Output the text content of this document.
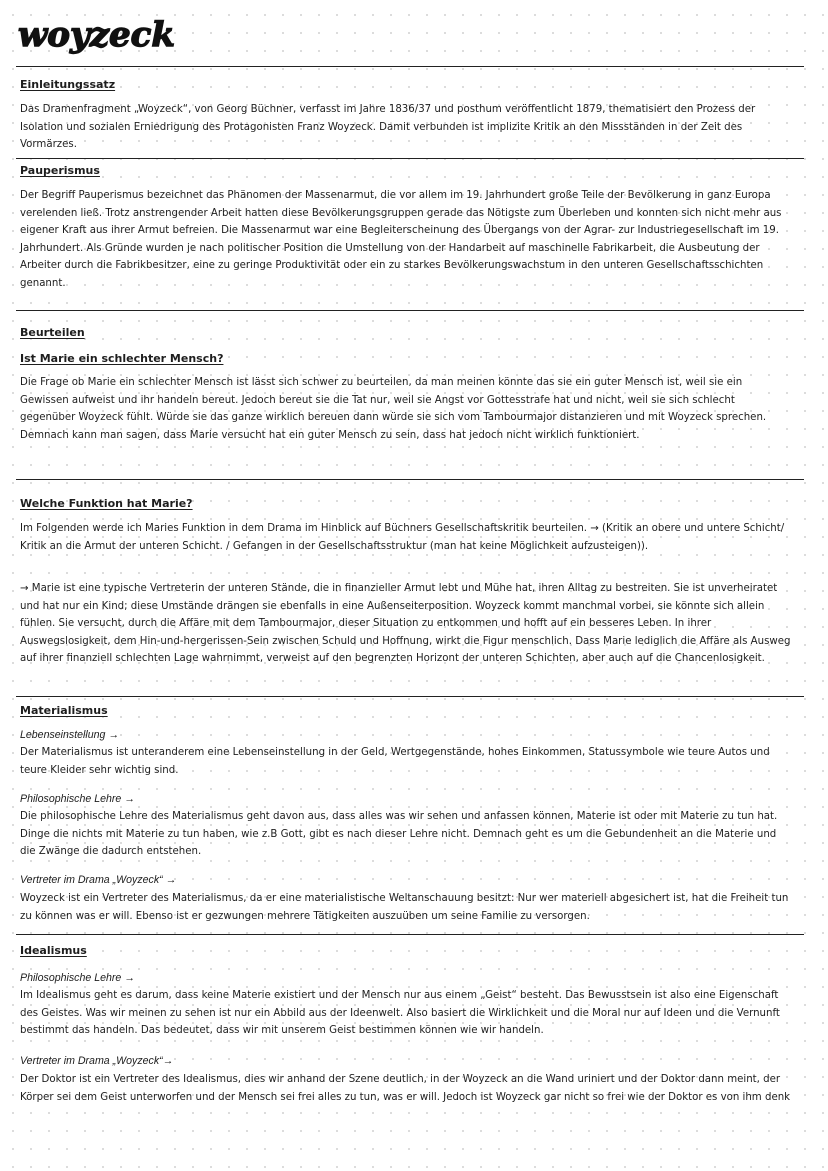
woyzeck
Einleitungssatz
Das Dramenfragment „Woyzeck“, von Georg Büchner, verfasst im Jahre 1836/37 und posthum veröffentlicht 1879, thematisiert den Prozess der Isolation und sozialen Erniedrigung des Protagonisten Franz Woyzeck. Damit verbunden ist implizite Kritik an den Missständen in der Zeit des Vormärzes.
Pauperismus
Der Begriff Pauperismus bezeichnet das Phänomen der Massenarmut, die vor allem im 19. Jahrhundert große Teile der Bevölkerung in ganz Europa verelenden ließ. Trotz anstrengender Arbeit hatten diese Bevölkerungsgruppen gerade das Nötigste zum Überleben und konnten sich nicht mehr aus eigener Kraft aus ihrer Armut befreien. Die Massenarmut war eine Begleiterscheinung des Übergangs von der Agrar- zur Industriegesellschaft im 19. Jahrhundert. Als Gründe wurden je nach politischer Position die Umstellung von der Handarbeit auf maschinelle Fabrikarbeit, die Ausbeutung der Arbeiter durch die Fabrikbesitzer, eine zu geringe Produktivität oder ein zu starkes Bevölkerungswachstum in den unteren Gesellschaftsschichten genannt.
Beurteilen
Ist Marie ein schlechter Mensch?
Die Frage ob Marie ein schlechter Mensch ist lässt sich schwer zu beurteilen, da man meinen könnte das sie ein guter Mensch ist, weil sie ein Gewissen aufweist und ihr handeln bereut. Jedoch bereut sie die Tat nur, weil sie Angst vor Gottesstrafe hat und nicht, weil sie sich schlecht gegenüber Woyzeck fühlt. Würde sie das ganze wirklich bereuen dann würde sie sich vom Tambourmajor distanzieren und mit Woyzeck sprechen. Demnach kann man sagen, dass Marie versucht hat ein guter Mensch zu sein, dass hat jedoch nicht wirklich funktioniert.
Welche Funktion hat Marie?
Im Folgenden werde ich Maries Funktion in dem Drama im Hinblick auf Büchners Gesellschaftskritik beurteilen. → (Kritik an obere und untere Schicht/ Kritik an die Armut der unteren Schicht. / Gefangen in der Gesellschaftsstruktur (man hat keine Möglichkeit aufzusteigen)).
→ Marie ist eine typische Vertreterin der unteren Stände, die in finanzieller Armut lebt und Mühe hat, ihren Alltag zu bestreiten. Sie ist unverheiratet und hat nur ein Kind; diese Umstände drängen sie ebenfalls in eine Außenseiterposition. Woyzeck kommt manchmal vorbei, sie könnte sich allein fühlen. Sie versucht, durch die Affäre mit dem Tambourmajor, dieser Situation zu entkommen und hofft auf ein besseres Leben. In ihrer Auswegslosigkeit, dem Hin-und-hergerissen-Sein zwischen Schuld und Hoffnung, wirkt die Figur menschlich. Dass Marie lediglich die Affäre als Ausweg auf ihrer finanziell schlechten Lage wahrnimmt, verweist auf den begrenzten Horizont der unteren Schichten, aber auch auf die Chancenlosigkeit.
Materialismus
Lebenseinstellung →
Der Materialismus ist unteranderem eine Lebenseinstellung in der Geld, Wertgegenstände, hohes Einkommen, Statussymbole wie teure Autos und teure Kleider sehr wichtig sind.
Philosophische Lehre →
Die philosophische Lehre des Materialismus geht davon aus, dass alles was wir sehen und anfassen können, Materie ist oder mit Materie zu tun hat. Dinge die nichts mit Materie zu tun haben, wie z.B Gott, gibt es nach dieser Lehre nicht. Demnach geht es um die Gebundenheit an die Materie und die Zwänge die dadurch entstehen.
Vertreter im Drama „Woyzeck“ →
Woyzeck ist ein Vertreter des Materialismus, da er eine materialistische Weltanschauung besitzt: Nur wer materiell abgesichert ist, hat die Freiheit tun zu können was er will. Ebenso ist er gezwungen mehrere Tätigkeiten auszuüben um seine Familie zu versorgen.
Idealismus
Philosophische Lehre →
Im Idealismus geht es darum, dass keine Materie existiert und der Mensch nur aus einem „Geist“ besteht. Das Bewusstsein ist also eine Eigenschaft des Geistes. Was wir meinen zu sehen ist nur ein Abbild aus der Ideenwelt. Also basiert die Wirklichkeit und die Moral nur auf Ideen und die Vernunft bestimmt das handeln. Das bedeutet, dass wir mit unserem Geist bestimmen können wie wir handeln.
Vertreter im Drama „Woyzeck“→
Der Doktor ist ein Vertreter des Idealismus, dies wir anhand der Szene deutlich, in der Woyzeck an die Wand uriniert und der Doktor dann meint, der Körper sei dem Geist unterworfen und der Mensch sei frei alles zu tun, was er will. Jedoch ist Woyzeck gar nicht so frei wie der Doktor es von ihm denk
